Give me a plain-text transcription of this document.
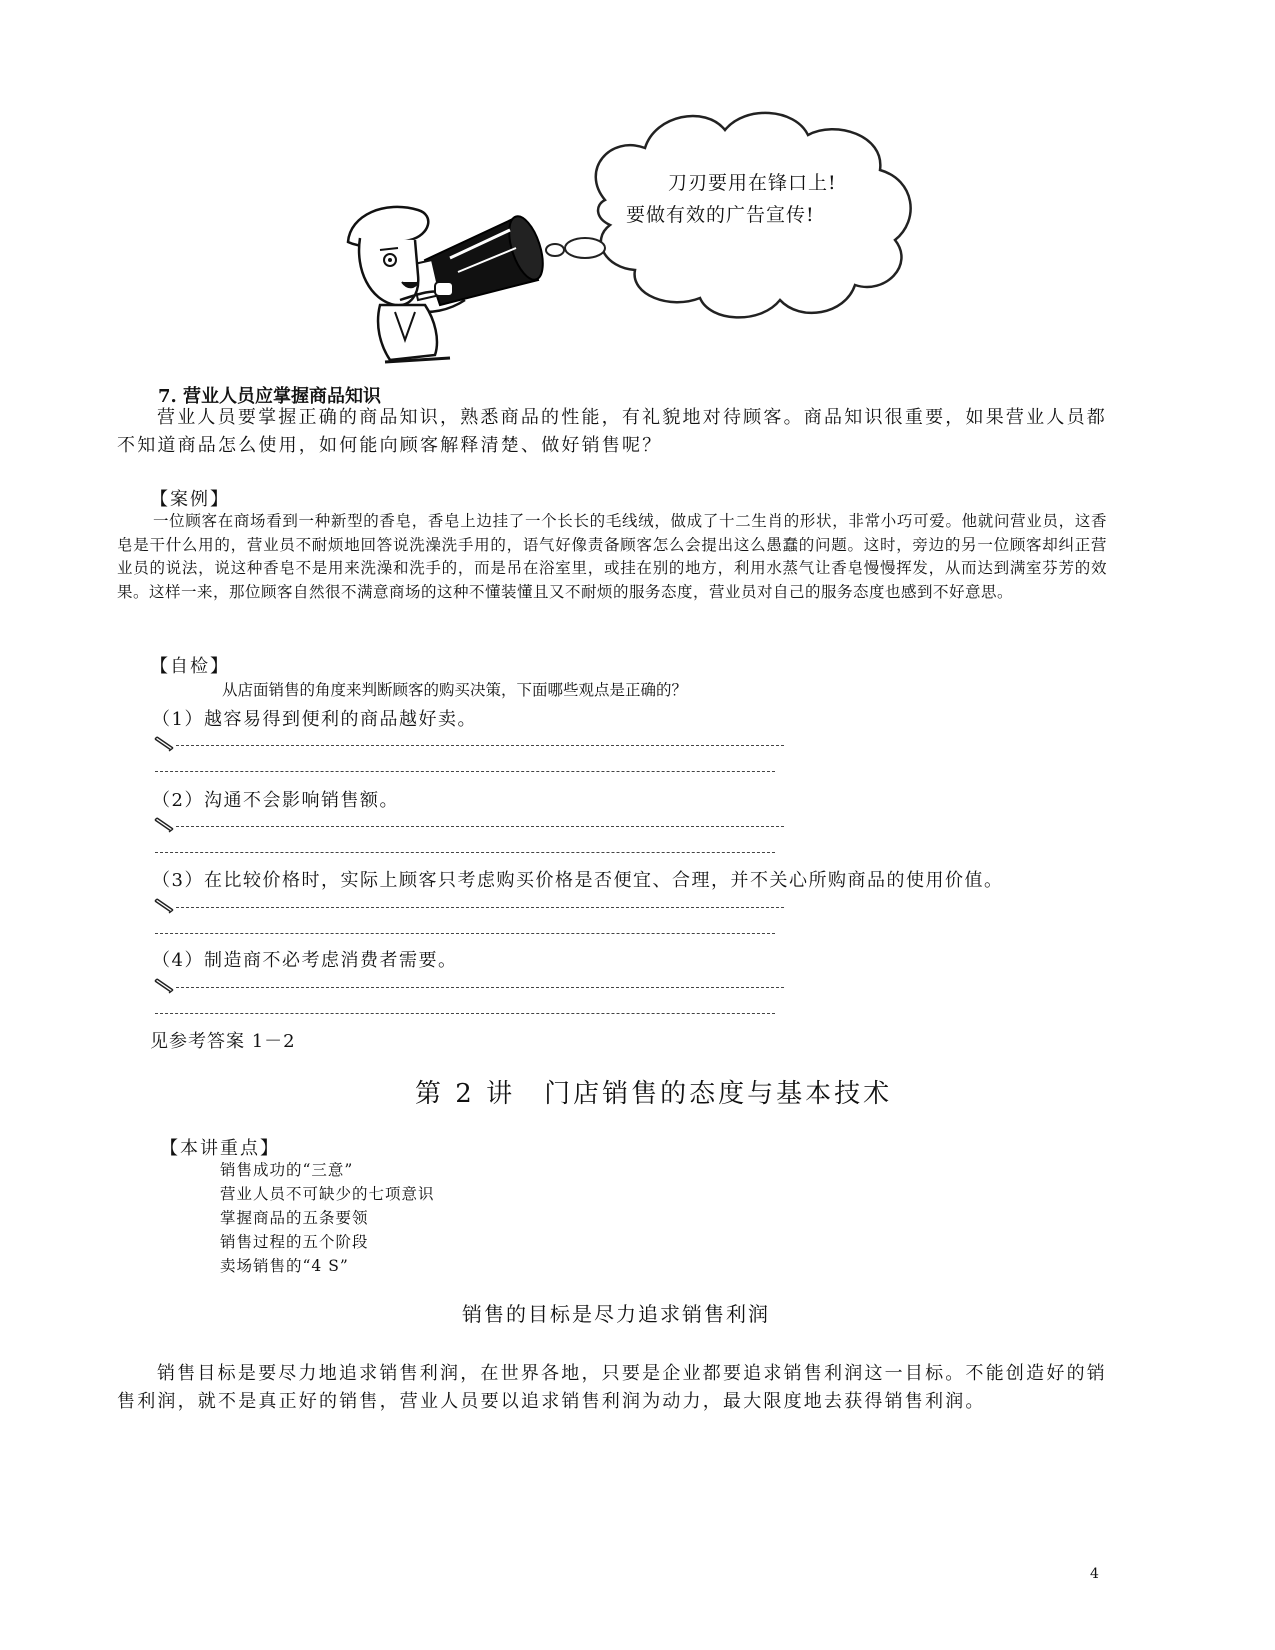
刀刃要用在锋口上!
要做有效的广告宣传!
7. 营业人员应掌握商品知识
营业人员要掌握正确的商品知识，熟悉商品的性能，有礼貌地对待顾客。商品知识很重要，如果营业人员都不知道商品怎么使用，如何能向顾客解释清楚、做好销售呢？
【案例】
一位顾客在商场看到一种新型的香皂，香皂上边挂了一个长长的毛线绒，做成了十二生肖的形状，非常小巧可爱。他就问营业员，这香皂是干什么用的，营业员不耐烦地回答说洗澡洗手用的，语气好像责备顾客怎么会提出这么愚蠢的问题。这时，旁边的另一位顾客却纠正营业员的说法，说这种香皂不是用来洗澡和洗手的，而是吊在浴室里，或挂在别的地方，利用水蒸气让香皂慢慢挥发，从而达到满室芬芳的效果。这样一来，那位顾客自然很不满意商场的这种不懂装懂且又不耐烦的服务态度，营业员对自己的服务态度也感到不好意思。
【自检】
从店面销售的角度来判断顾客的购买决策，下面哪些观点是正确的？
（1）越容易得到便利的商品越好卖。
（2）沟通不会影响销售额。
（3）在比较价格时，实际上顾客只考虑购买价格是否便宜、合理，并不关心所购商品的使用价值。
（4）制造商不必考虑消费者需要。
见参考答案 1－2
第 2 讲　门店销售的态度与基本技术
【本讲重点】
销售成功的“三意”
营业人员不可缺少的七项意识
掌握商品的五条要领
销售过程的五个阶段
卖场销售的“4 S”
销售的目标是尽力追求销售利润
销售目标是要尽力地追求销售利润，在世界各地，只要是企业都要追求销售利润这一目标。不能创造好的销售利润，就不是真正好的销售，营业人员要以追求销售利润为动力，最大限度地去获得销售利润。
4
